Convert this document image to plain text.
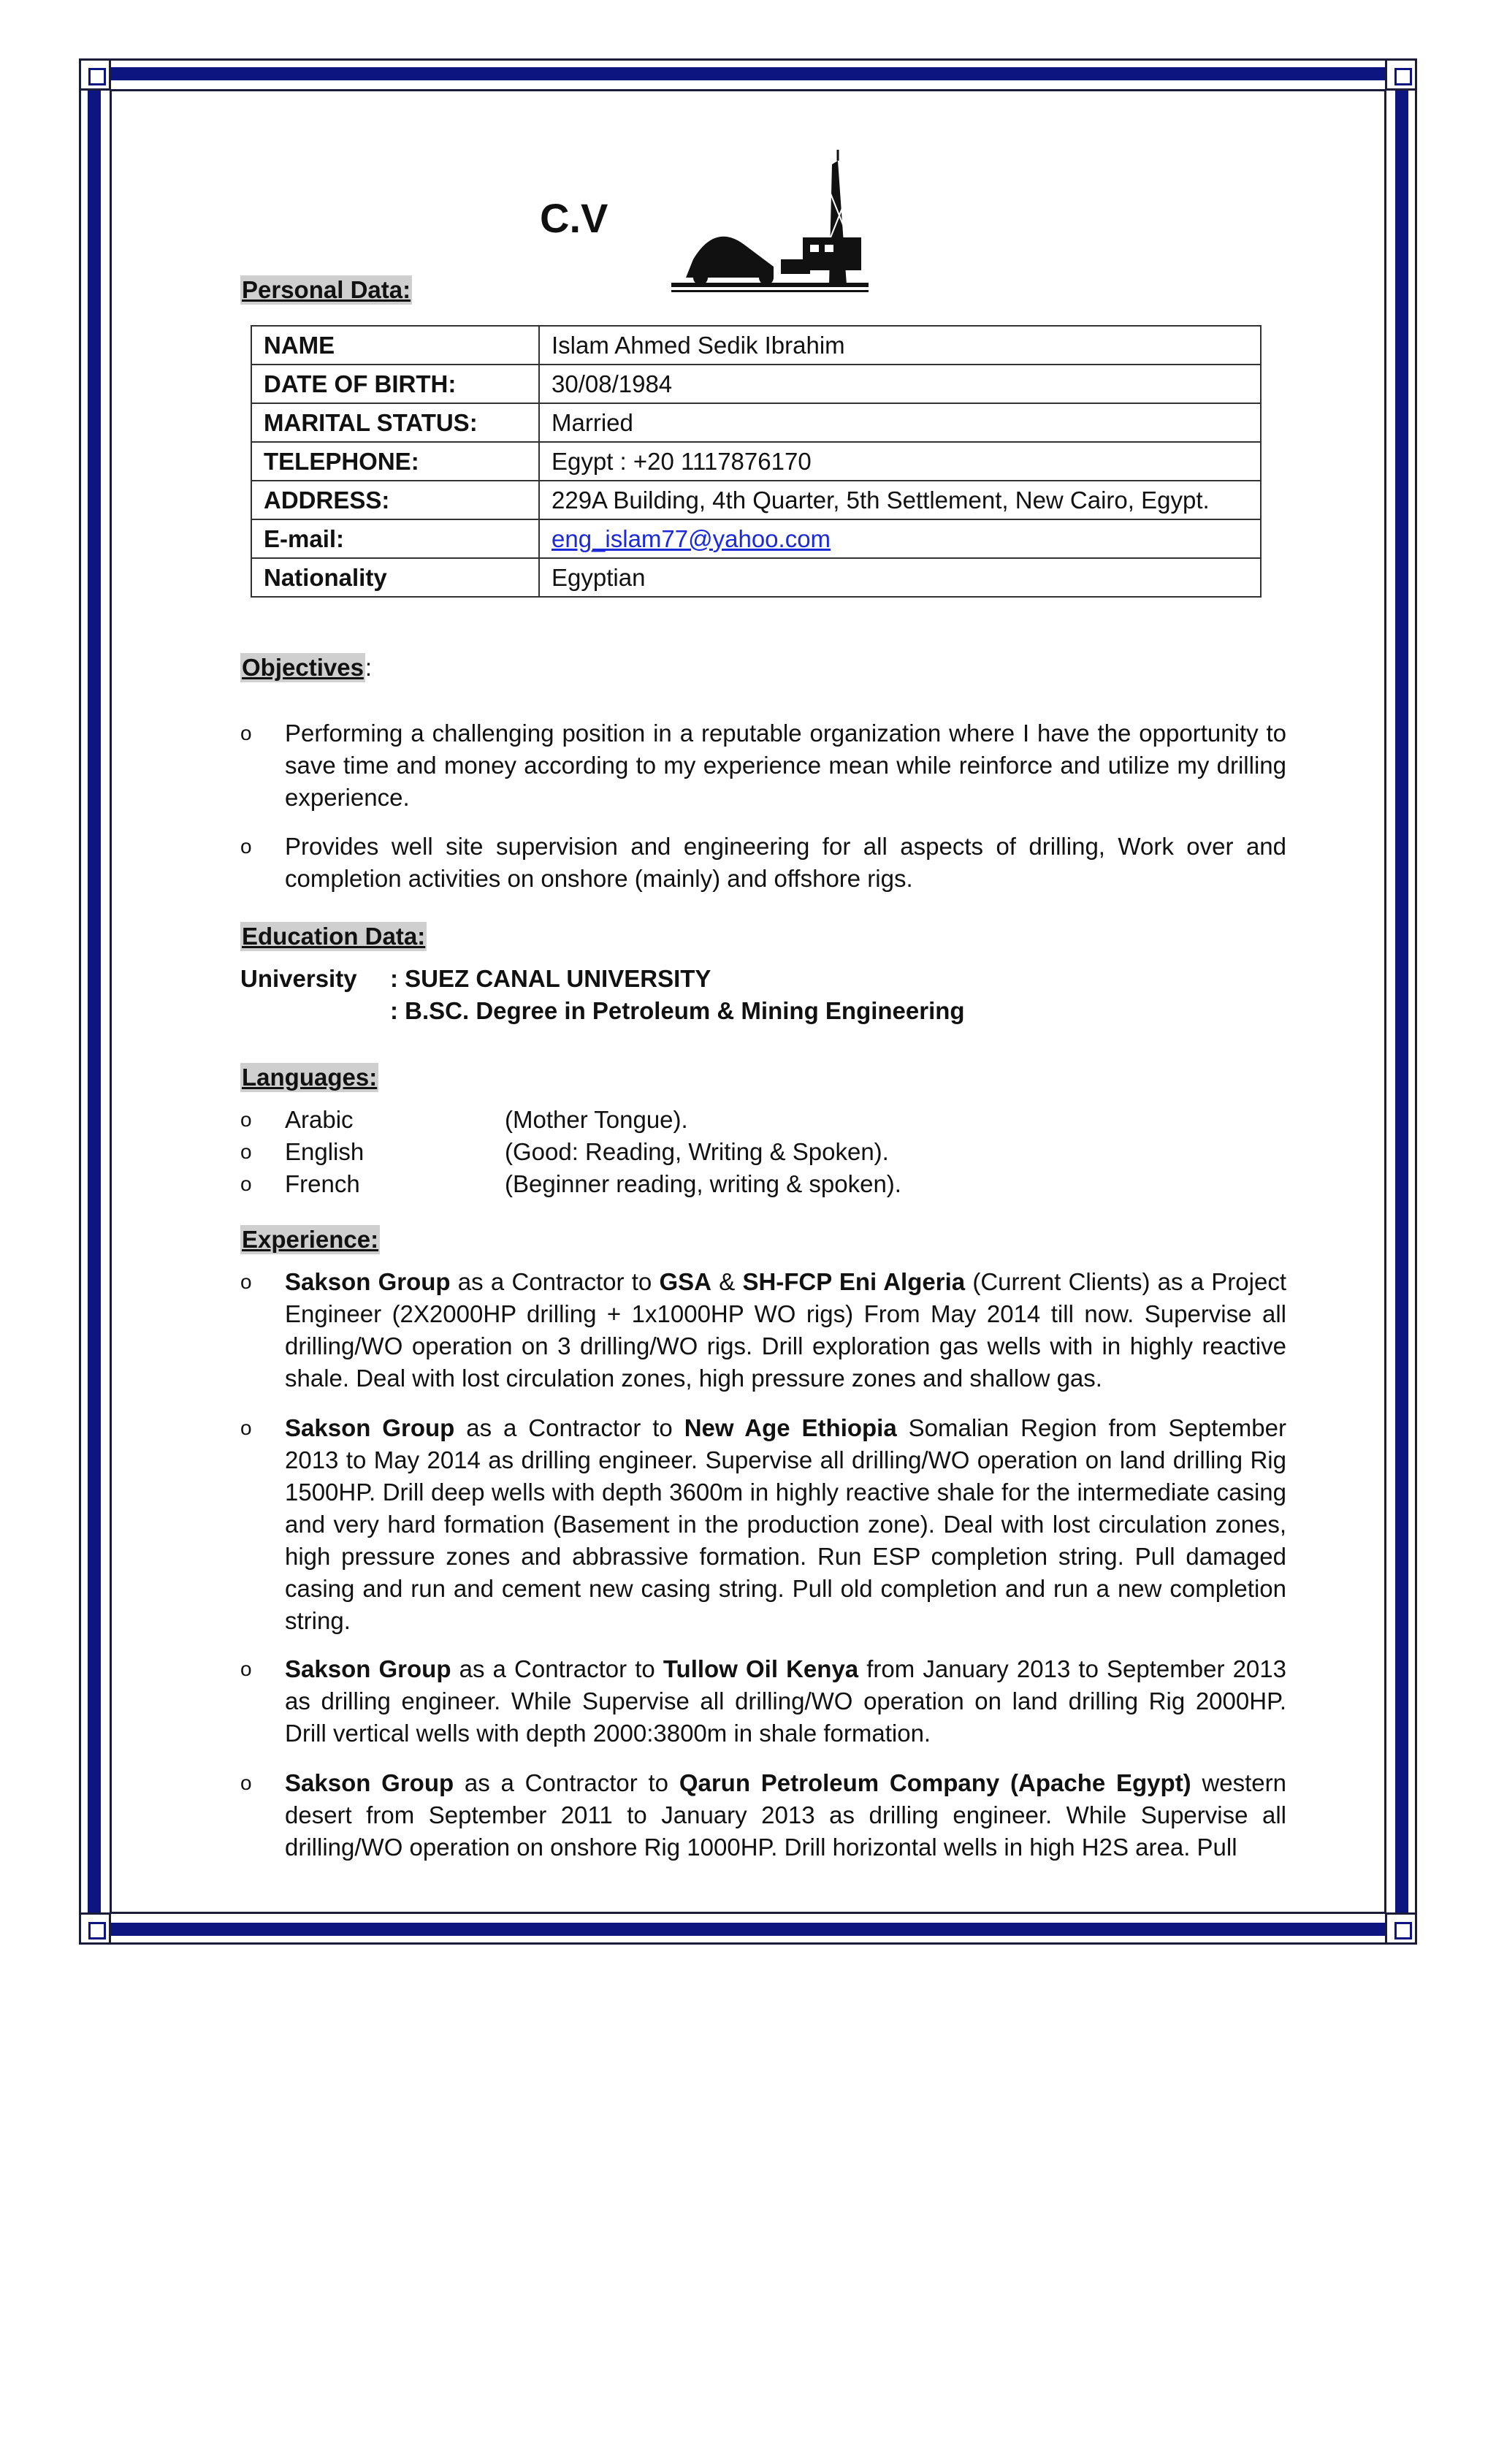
C.V
Personal Data:
NAME	Islam Ahmed Sedik Ibrahim
DATE OF BIRTH:	30/08/1984
MARITAL STATUS:	Married
TELEPHONE:	Egypt : +20 1117876170
ADDRESS:	229A Building, 4th Quarter, 5th Settlement, New Cairo, Egypt.
E-mail:	eng_islam77@yahoo.com
Nationality	Egyptian
Objectives:
o Performing a challenging position in a reputable organization where I have the opportunity to save time and money according to my experience mean while reinforce and utilize my drilling experience.
o Provides well site supervision and engineering for all aspects of drilling, Work over and completion activities on onshore (mainly) and offshore rigs.
Education Data:
University	: SUEZ CANAL UNIVERSITY
: B.SC. Degree in Petroleum & Mining Engineering
Languages:
o Arabic	(Mother Tongue).
o English	(Good: Reading, Writing & Spoken).
o French	(Beginner reading, writing & spoken).
Experience:
o Sakson Group as a Contractor to GSA & SH-FCP Eni Algeria (Current Clients) as a Project Engineer (2X2000HP drilling + 1x1000HP WO rigs) From May 2014 till now. Supervise all drilling/WO operation on 3 drilling/WO rigs. Drill exploration gas wells with in highly reactive shale. Deal with lost circulation zones, high pressure zones and shallow gas.
o Sakson Group as a Contractor to New Age Ethiopia Somalian Region from September 2013 to May 2014 as drilling engineer. Supervise all drilling/WO operation on land drilling Rig 1500HP. Drill deep wells with depth 3600m in highly reactive shale for the intermediate casing and very hard formation (Basement in the production zone). Deal with lost circulation zones, high pressure zones and abbrassive formation. Run ESP completion string. Pull damaged casing and run and cement new casing string. Pull old completion and run a new completion string.
o Sakson Group as a Contractor to Tullow Oil Kenya from January 2013 to September 2013 as drilling engineer. While Supervise all drilling/WO operation on land drilling Rig 2000HP. Drill vertical wells with depth 2000:3800m in shale formation.
o Sakson Group as a Contractor to Qarun Petroleum Company (Apache Egypt) western desert from September 2011 to January 2013 as drilling engineer. While Supervise all drilling/WO operation on onshore Rig 1000HP. Drill horizontal wells in high H2S area. Pull
